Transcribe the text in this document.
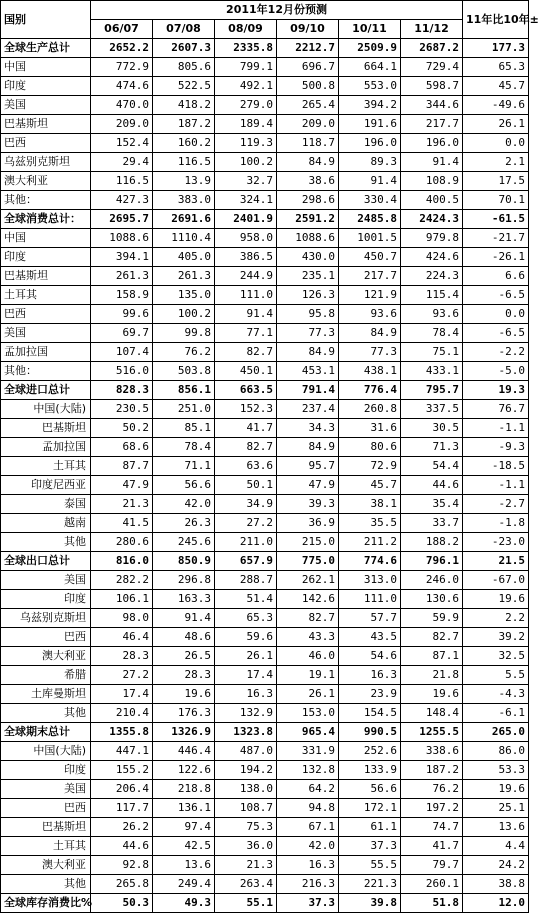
国别	2011年12月份预测						11年比10年±
	06/07	07/08	08/09	09/10	10/11	11/12	
全球生产总计	2652.2	2607.3	2335.8	2212.7	2509.9	2687.2	177.3
中国	772.9	805.6	799.1	696.7	664.1	729.4	65.3
印度	474.6	522.5	492.1	500.8	553.0	598.7	45.7
美国	470.0	418.2	279.0	265.4	394.2	344.6	-49.6
巴基斯坦	209.0	187.2	189.4	209.0	191.6	217.7	26.1
巴西	152.4	160.2	119.3	118.7	196.0	196.0	0.0
乌兹别克斯坦	29.4	116.5	100.2	84.9	89.3	91.4	2.1
澳大利亚	116.5	13.9	32.7	38.6	91.4	108.9	17.5
其他：	427.3	383.0	324.1	298.6	330.4	400.5	70.1
全球消费总计：	2695.7	2691.6	2401.9	2591.2	2485.8	2424.3	-61.5
中国	1088.6	1110.4	958.0	1088.6	1001.5	979.8	-21.7
印度	394.1	405.0	386.5	430.0	450.7	424.6	-26.1
巴基斯坦	261.3	261.3	244.9	235.1	217.7	224.3	6.6
土耳其	158.9	135.0	111.0	126.3	121.9	115.4	-6.5
巴西	99.6	100.2	91.4	95.8	93.6	93.6	0.0
美国	69.7	99.8	77.1	77.3	84.9	78.4	-6.5
孟加拉国	107.4	76.2	82.7	84.9	77.3	75.1	-2.2
其他：	516.0	503.8	450.1	453.1	438.1	433.1	-5.0
全球进口总计	828.3	856.1	663.5	791.4	776.4	795.7	19.3
中国(大陆)	230.5	251.0	152.3	237.4	260.8	337.5	76.7
巴基斯坦	50.2	85.1	41.7	34.3	31.6	30.5	-1.1
孟加拉国	68.6	78.4	82.7	84.9	80.6	71.3	-9.3
土耳其	87.7	71.1	63.6	95.7	72.9	54.4	-18.5
印度尼西亚	47.9	56.6	50.1	47.9	45.7	44.6	-1.1
泰国	21.3	42.0	34.9	39.3	38.1	35.4	-2.7
越南	41.5	26.3	27.2	36.9	35.5	33.7	-1.8
其他	280.6	245.6	211.0	215.0	211.2	188.2	-23.0
全球出口总计	816.0	850.9	657.9	775.0	774.6	796.1	21.5
美国	282.2	296.8	288.7	262.1	313.0	246.0	-67.0
印度	106.1	163.3	51.4	142.6	111.0	130.6	19.6
乌兹别克斯坦	98.0	91.4	65.3	82.7	57.7	59.9	2.2
巴西	46.4	48.6	59.6	43.3	43.5	82.7	39.2
澳大利亚	28.3	26.5	26.1	46.0	54.6	87.1	32.5
希腊	27.2	28.3	17.4	19.1	16.3	21.8	5.5
土库曼斯坦	17.4	19.6	16.3	26.1	23.9	19.6	-4.3
其他	210.4	176.3	132.9	153.0	154.5	148.4	-6.1
全球期末总计	1355.8	1326.9	1323.8	965.4	990.5	1255.5	265.0
中国(大陆)	447.1	446.4	487.0	331.9	252.6	338.6	86.0
印度	155.2	122.6	194.2	132.8	133.9	187.2	53.3
美国	206.4	218.8	138.0	64.2	56.6	76.2	19.6
巴西	117.7	136.1	108.7	94.8	172.1	197.2	25.1
巴基斯坦	26.2	97.4	75.3	67.1	61.1	74.7	13.6
土耳其	44.6	42.5	36.0	42.0	37.3	41.7	4.4
澳大利亚	92.8	13.6	21.3	16.3	55.5	79.7	24.2
其他	265.8	249.4	263.4	216.3	221.3	260.1	38.8
全球库存消费比%	50.3	49.3	55.1	37.3	39.8	51.8	12.0
